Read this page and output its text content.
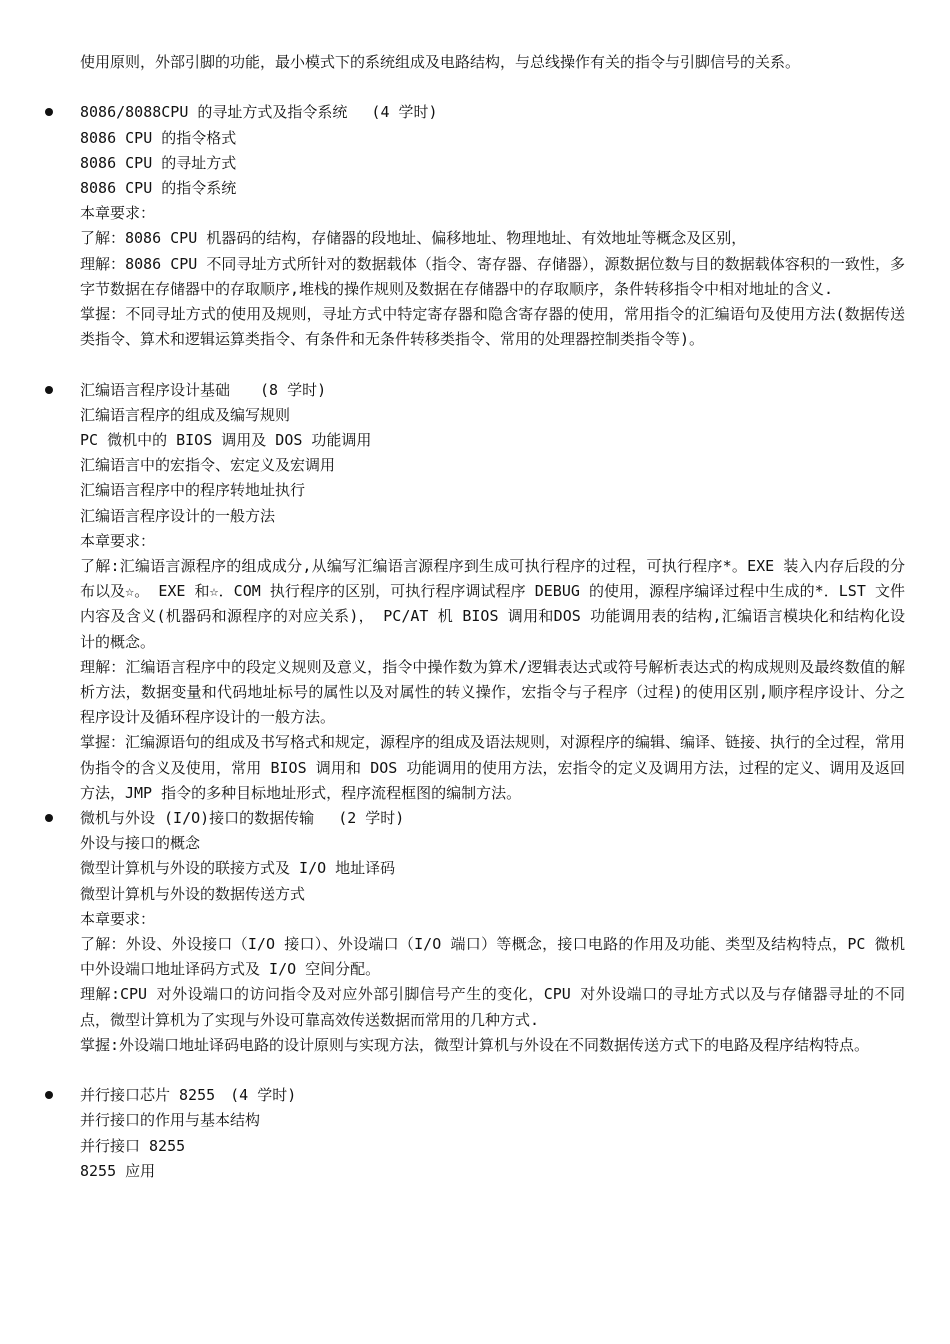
使用原则，外部引脚的功能，最小模式下的系统组成及电路结构，与总线操作有关的指令与引脚信号的关系。

8086/8088CPU 的寻址方式及指令系统　 (4 学时)
8086 CPU 的指令格式
8086 CPU 的寻址方式
8086 CPU 的指令系统
本章要求：

了解：8086 CPU 机器码的结构，存储器的段地址、偏移地址、物理地址、有效地址等概念及区别，

理解：8086 CPU 不同寻址方式所针对的数据载体（指令、寄存器、存储器），源数据位数与目的数据载体容积的一致性，多字节数据在存储器中的存取顺序,堆栈的操作规则及数据在存储器中的存取顺序，条件转移指令中相对地址的含义.

掌握：不同寻址方式的使用及规则，寻址方式中特定寄存器和隐含寄存器的使用，常用指令的汇编语句及使用方法(数据传送类指令、算术和逻辑运算类指令、有条件和无条件转移类指令、常用的处理器控制类指令等)。

汇编语言程序设计基础　　(8 学时)
汇编语言程序的组成及编写规则
PC 微机中的 BIOS 调用及 DOS 功能调用
汇编语言中的宏指令、宏定义及宏调用
汇编语言程序中的程序转地址执行
汇编语言程序设计的一般方法
本章要求：

了解:汇编语言源程序的组成成分,从编写汇编语言源程序到生成可执行程序的过程，可执行程序*。EXE 装入内存后段的分布以及☆。 EXE 和☆．COM 执行程序的区别，可执行程序调试程序 DEBUG 的使用，源程序编译过程中生成的*．LST 文件内容及含义(机器码和源程序的对应关系)， PC/AT 机 BIOS 调用和DOS 功能调用表的结构,汇编语言模块化和结构化设计的概念。

理解：汇编语言程序中的段定义规则及意义，指令中操作数为算术/逻辑表达式或符号解析表达式的构成规则及最终数值的解析方法，数据变量和代码地址标号的属性以及对属性的转义操作，宏指令与子程序（过程)的使用区别,顺序程序设计、分之程序设计及循环程序设计的一般方法。

掌握：汇编源语句的组成及书写格式和规定，源程序的组成及语法规则，对源程序的编辑、编译、链接、执行的全过程，常用伪指令的含义及使用，常用 BIOS 调用和 DOS 功能调用的使用方法，宏指令的定义及调用方法，过程的定义、调用及返回方法，JMP 指令的多种目标地址形式，程序流程框图的编制方法。

微机与外设 (I/O)接口的数据传输　 (2 学时)
外设与接口的概念
微型计算机与外设的联接方式及 I/O 地址译码
微型计算机与外设的数据传送方式
本章要求：

了解：外设、外设接口（I/O 接口）、外设端口（I/O 端口）等概念，接口电路的作用及功能、类型及结构特点，PC 微机中外设端口地址译码方式及 I/O 空间分配。

理解:CPU 对外设端口的访问指令及对应外部引脚信号产生的变化，CPU 对外设端口的寻址方式以及与存储器寻址的不同点，微型计算机为了实现与外设可靠高效传送数据而常用的几种方式.

掌握:外设端口地址译码电路的设计原则与实现方法，微型计算机与外设在不同数据传送方式下的电路及程序结构特点。

并行接口芯片 8255　(4 学时)
并行接口的作用与基本结构
并行接口 8255
8255 应用
